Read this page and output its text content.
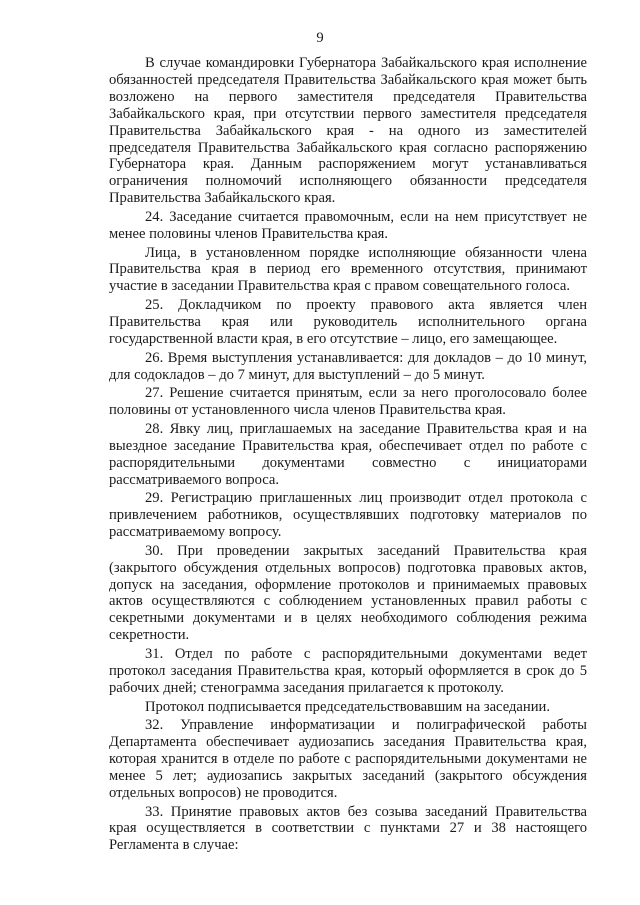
9

В случае командировки Губернатора Забайкальского края исполнение обязанностей председателя Правительства Забайкальского края может быть возложено на первого заместителя председателя Правительства Забайкальского края, при отсутствии первого заместителя председателя Правительства Забайкальского края - на одного из заместителей председателя Правительства Забайкальского края согласно распоряжению Губернатора края. Данным распоряжением могут устанавливаться ограничения полномочий исполняющего обязанности председателя Правительства Забайкальского края.

24. Заседание считается правомочным, если на нем присутствует не менее половины членов Правительства края.

Лица, в установленном порядке исполняющие обязанности члена Правительства края в период его временного отсутствия, принимают участие в заседании Правительства края с правом совещательного голоса.

25. Докладчиком по проекту правового акта является член Правительства края или руководитель исполнительного органа государственной власти края, в его отсутствие – лицо, его замещающее.

26. Время выступления устанавливается: для докладов – до 10 минут, для содокладов – до 7 минут, для выступлений – до 5 минут.

27. Решение считается принятым, если за него проголосовало более половины от установленного числа членов Правительства края.

28. Явку лиц, приглашаемых на заседание Правительства края и на выездное заседание Правительства края, обеспечивает отдел по работе с распорядительными документами совместно с инициаторами рассматриваемого вопроса.

29. Регистрацию приглашенных лиц производит отдел протокола с привлечением работников, осуществлявших подготовку материалов по рассматриваемому вопросу.

30. При проведении закрытых заседаний Правительства края (закрытого обсуждения отдельных вопросов) подготовка правовых актов, допуск на заседания, оформление протоколов и принимаемых правовых актов осуществляются с соблюдением установленных правил работы с секретными документами и в целях необходимого соблюдения режима секретности.

31. Отдел по работе с распорядительными документами ведет протокол заседания Правительства края, который оформляется в срок до 5 рабочих дней; стенограмма заседания прилагается к протоколу.

Протокол подписывается председательствовавшим на заседании.

32. Управление информатизации и полиграфической работы Департамента обеспечивает аудиозапись заседания Правительства края, которая хранится в отделе по работе с распорядительными документами не менее 5 лет; аудиозапись закрытых заседаний (закрытого обсуждения отдельных вопросов) не проводится.

33. Принятие правовых актов без созыва заседаний Правительства края осуществляется в соответствии с пунктами 27 и 38 настоящего Регламента в случае:
